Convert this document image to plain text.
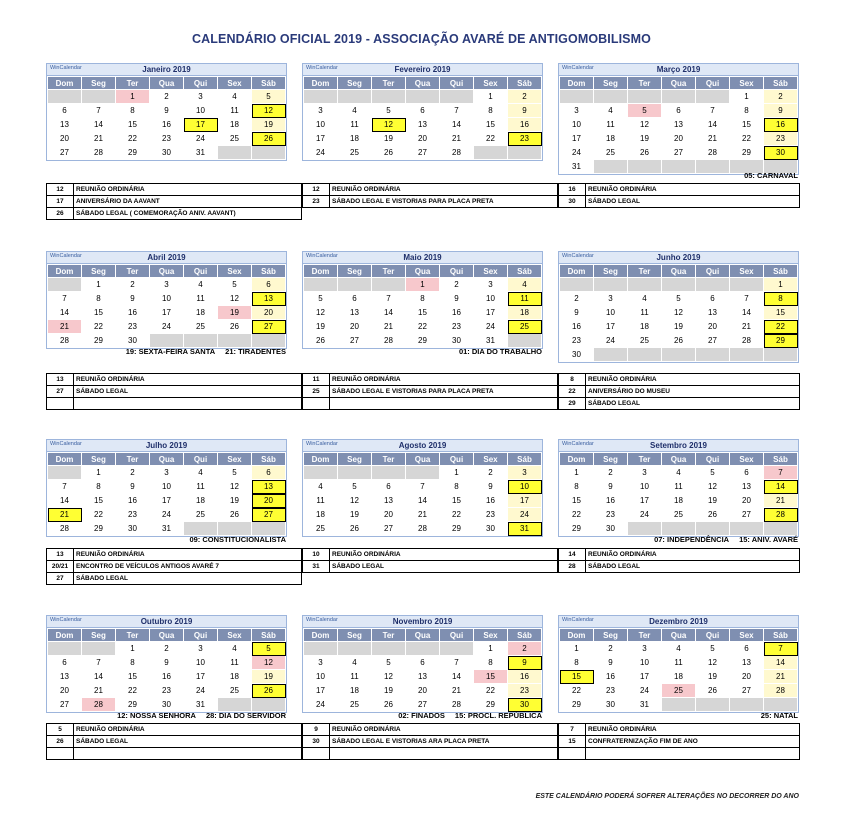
CALENDÁRIO OFICIAL 2019 - ASSOCIAÇÃO AVARÉ DE ANTIGOMOBILISMO
WinCalendar	Janeiro 2019
Dom	Seg	Ter	Qua	Qui	Sex	Sáb
		1	2	3	4	5
6	7	8	9	10	11	12
13	14	15	16	17	18	19
20	21	22	23	24	25	26
27	28	29	30	31		
WinCalendar	Fevereiro 2019
Dom	Seg	Ter	Qua	Qui	Sex	Sáb
					1	2
3	4	5	6	7	8	9
10	11	12	13	14	15	16
17	18	19	20	21	22	23
24	25	26	27	28		
WinCalendar	Março 2019
Dom	Seg	Ter	Qua	Qui	Sex	Sáb
					1	2
3	4	5	6	7	8	9
10	11	12	13	14	15	16
17	18	19	20	21	22	23
24	25	26	27	28	29	30
31						
05: CARNAVAL
WinCalendar	Abril 2019
Dom	Seg	Ter	Qua	Qui	Sex	Sáb
	1	2	3	4	5	6
7	8	9	10	11	12	13
14	15	16	17	18	19	20
21	22	23	24	25	26	27
28	29	30				
19: SEXTA-FEIRA SANTA 21: TIRADENTES
WinCalendar	Maio 2019
Dom	Seg	Ter	Qua	Qui	Sex	Sáb
			1	2	3	4
5	6	7	8	9	10	11
12	13	14	15	16	17	18
19	20	21	22	23	24	25
26	27	28	29	30	31	
01: DIA DO TRABALHO
WinCalendar	Junho 2019
Dom	Seg	Ter	Qua	Qui	Sex	Sáb
						1
2	3	4	5	6	7	8
9	10	11	12	13	14	15
16	17	18	19	20	21	22
23	24	25	26	27	28	29
30						
WinCalendar	Julho 2019
Dom	Seg	Ter	Qua	Qui	Sex	Sáb
	1	2	3	4	5	6
7	8	9	10	11	12	13
14	15	16	17	18	19	20
21	22	23	24	25	26	27
28	29	30	31			
09: CONSTITUCIONALISTA
WinCalendar	Agosto 2019
Dom	Seg	Ter	Qua	Qui	Sex	Sáb
				1	2	3
4	5	6	7	8	9	10
11	12	13	14	15	16	17
18	19	20	21	22	23	24
25	26	27	28	29	30	31
WinCalendar	Setembro 2019
Dom	Seg	Ter	Qua	Qui	Sex	Sáb
1	2	3	4	5	6	7
8	9	10	11	12	13	14
15	16	17	18	19	20	21
22	23	24	25	26	27	28
29	30					
07: INDEPENDÊNCIA 15: ANIV. AVARÉ
WinCalendar	Outubro 2019
Dom	Seg	Ter	Qua	Qui	Sex	Sáb
		1	2	3	4	5
6	7	8	9	10	11	12
13	14	15	16	17	18	19
20	21	22	23	24	25	26
27	28	29	30	31		
12: NOSSA SENHORA 28: DIA DO SERVIDOR
WinCalendar	Novembro 2019
Dom	Seg	Ter	Qua	Qui	Sex	Sáb
					1	2
3	4	5	6	7	8	9
10	11	12	13	14	15	16
17	18	19	20	21	22	23
24	25	26	27	28	29	30
02: FINADOS 15: PROCL. REPÚBLICA
WinCalendar	Dezembro 2019
Dom	Seg	Ter	Qua	Qui	Sex	Sáb
1	2	3	4	5	6	7
8	9	10	11	12	13	14
15	16	17	18	19	20	21
22	23	24	25	26	27	28
29	30	31				
25: NATAL
12	REUNIÃO ORDINÁRIA
17	ANIVERSÁRIO DA AAVANT
26	SÁBADO LEGAL ( COMEMORAÇÃO ANIV. AAVANT)
12	REUNIÃO ORDINÁRIA
23	SÁBADO LEGAL E VISTORIAS PARA PLACA PRETA
16	REUNIÃO ORDINÁRIA
30	SÁBADO LEGAL
13	REUNIÃO ORDINÁRIA
27	SÁBADO LEGAL

11	REUNIÃO ORDINÁRIA
25	SÁBADO LEGAL E VISTORIAS PARA PLACA PRETA

8	REUNIÃO ORDINÁRIA
22	ANIVERSÁRIO DO MUSEU
29	SÁBADO LEGAL
13	REUNIÃO ORDINÁRIA
20/21	ENCONTRO DE VEÍCULOS ANTIGOS AVARÉ 7
27	SÁBADO LEGAL
10	REUNIÃO ORDINÁRIA
31	SÁBADO LEGAL
14	REUNIÃO ORDINÁRIA
28	SÁBADO LEGAL
5	REUNIÃO ORDINÁRIA
26	SÁBADO LEGAL

9	REUNIÃO ORDINÁRIA
30	SÁBADO LEGAL E VISTORIAS ARA PLACA PRETA

7	REUNIÃO ORDINÁRIA
15	CONFRATERNIZAÇÃO FIM DE ANO

ESTE CALENDÁRIO PODERÁ SOFRER ALTERAÇÕES NO DECORRER DO ANO
